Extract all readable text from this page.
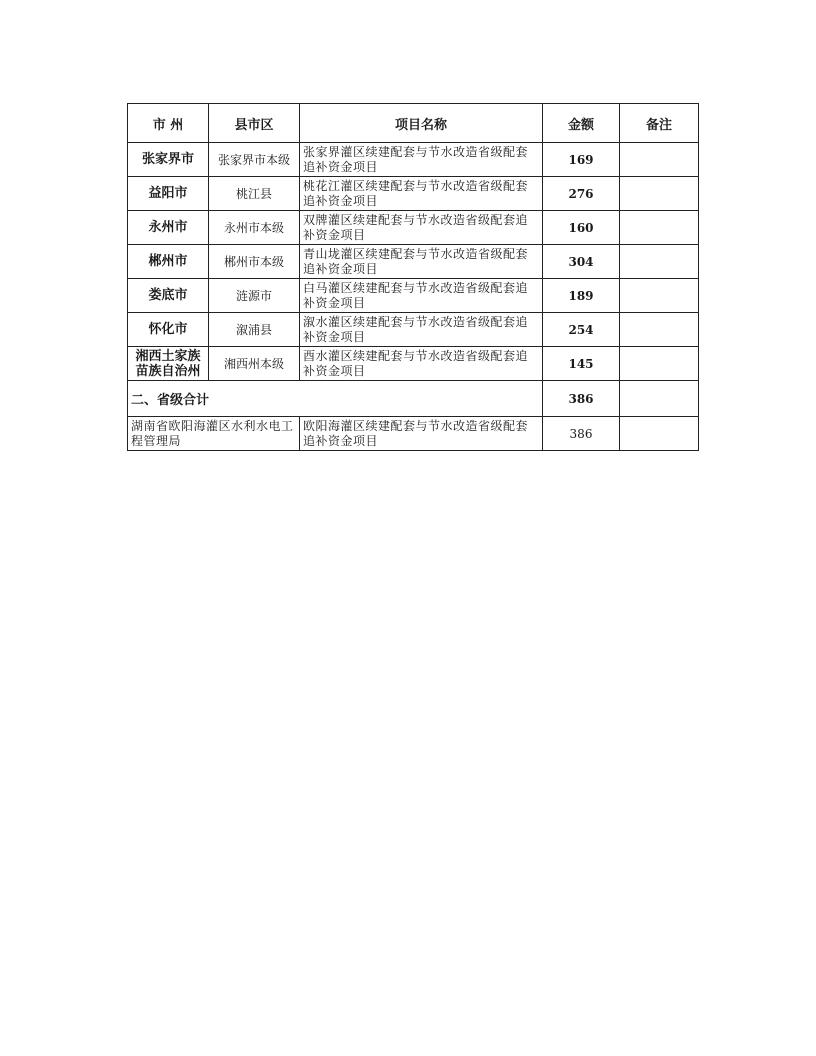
市 州	县市区	项目名称	金额	备注
张家界市	张家界市本级	张家界灌区续建配套与节水改造省级配套追补资金项目	169	
益阳市	桃江县	桃花江灌区续建配套与节水改造省级配套追补资金项目	276	
永州市	永州市本级	双牌灌区续建配套与节水改造省级配套追补资金项目	160	
郴州市	郴州市本级	青山垅灌区续建配套与节水改造省级配套追补资金项目	304	
娄底市	涟源市	白马灌区续建配套与节水改造省级配套追补资金项目	189	
怀化市	溆浦县	溆水灌区续建配套与节水改造省级配套追补资金项目	254	
湘西土家族苗族自治州	湘西州本级	酉水灌区续建配套与节水改造省级配套追补资金项目	145	
二、省级合计			386	
湖南省欧阳海灌区水利水电工程管理局		欧阳海灌区续建配套与节水改造省级配套追补资金项目	386	
